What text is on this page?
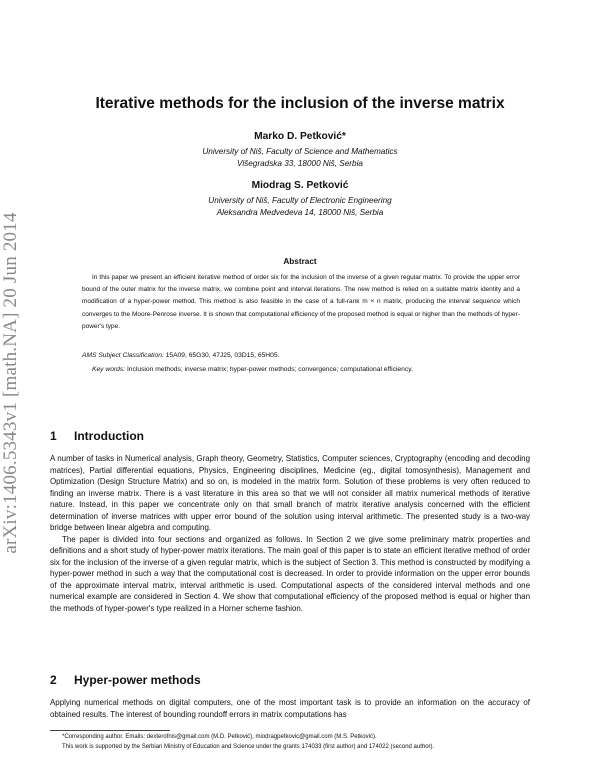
arXiv:1406.5343v1 [math.NA] 20 Jun 2014
Iterative methods for the inclusion of the inverse matrix
Marko D. Petković*
University of Niš, Faculty of Science and Mathematics
Višegradska 33, 18000 Niš, Serbia
Miodrag S. Petković
University of Niš, Faculty of Electronic Engineering
Aleksandra Medvedeva 14, 18000 Niš, Serbia
Abstract

In this paper we present an efficient iterative method of order six for the inclusion of the inverse of a given regular matrix. To provide the upper error bound of the outer matrix for the inverse matrix, we combine point and interval iterations. The new method is relied on a suitable matrix identity and a modification of a hyper-power method. This method is also feasible in the case of a full-rank m × n matrix, producing the interval sequence which converges to the Moore-Penrose inverse. It is shown that computational efficiency of the proposed method is equal or higher than the methods of hyper-power's type.

AMS Subject Classification: 15A09, 65G30, 47J25, 03D15, 65H05.
Key words: Inclusion methods; inverse matrix; hyper-power methods; convergence; computational efficiency.
1 Introduction

A number of tasks in Numerical analysis, Graph theory, Geometry, Statistics, Computer sciences, Cryptography (encoding and decoding matrices), Partial differential equations, Physics, Engineering disciplines, Medicine (eg., digital tomosynthesis), Management and Optimization (Design Structure Matrix) and so on, is modeled in the matrix form. Solution of these problems is very often reduced to finding an inverse matrix. There is a vast literature in this area so that we will not consider all matrix numerical methods of iterative nature. Instead, in this paper we concentrate only on that small branch of matrix iterative analysis concerned with the efficient determination of inverse matrices with upper error bound of the solution using interval arithmetic. The presented study is a two-way bridge between linear algebra and computing.

The paper is divided into four sections and organized as follows. In Section 2 we give some preliminary matrix properties and definitions and a short study of hyper-power matrix iterations. The main goal of this paper is to state an efficient iterative method of order six for the inclusion of the inverse of a given regular matrix, which is the subject of Section 3. This method is constructed by modifying a hyper-power method in such a way that the computational cost is decreased. In order to provide information on the upper error bounds of the approximate interval matrix, interval arithmetic is used. Computational aspects of the considered interval methods and one numerical example are considered in Section 4. We show that computational efficiency of the proposed method is equal or higher than the methods of hyper-power's type realized in a Horner scheme fashion.

2 Hyper-power methods

Applying numerical methods on digital computers, one of the most important task is to provide an information on the accuracy of obtained results. The interest of bounding roundoff errors in matrix computations has

*Corresponding author. Emails: dexterofnis@gmail.com (M.D. Petković), miodragpetkovic@gmail.com (M.S. Petković).

This work is supported by the Serbian Ministry of Education and Science under the grants 174033 (first author) and 174022 (second author).
